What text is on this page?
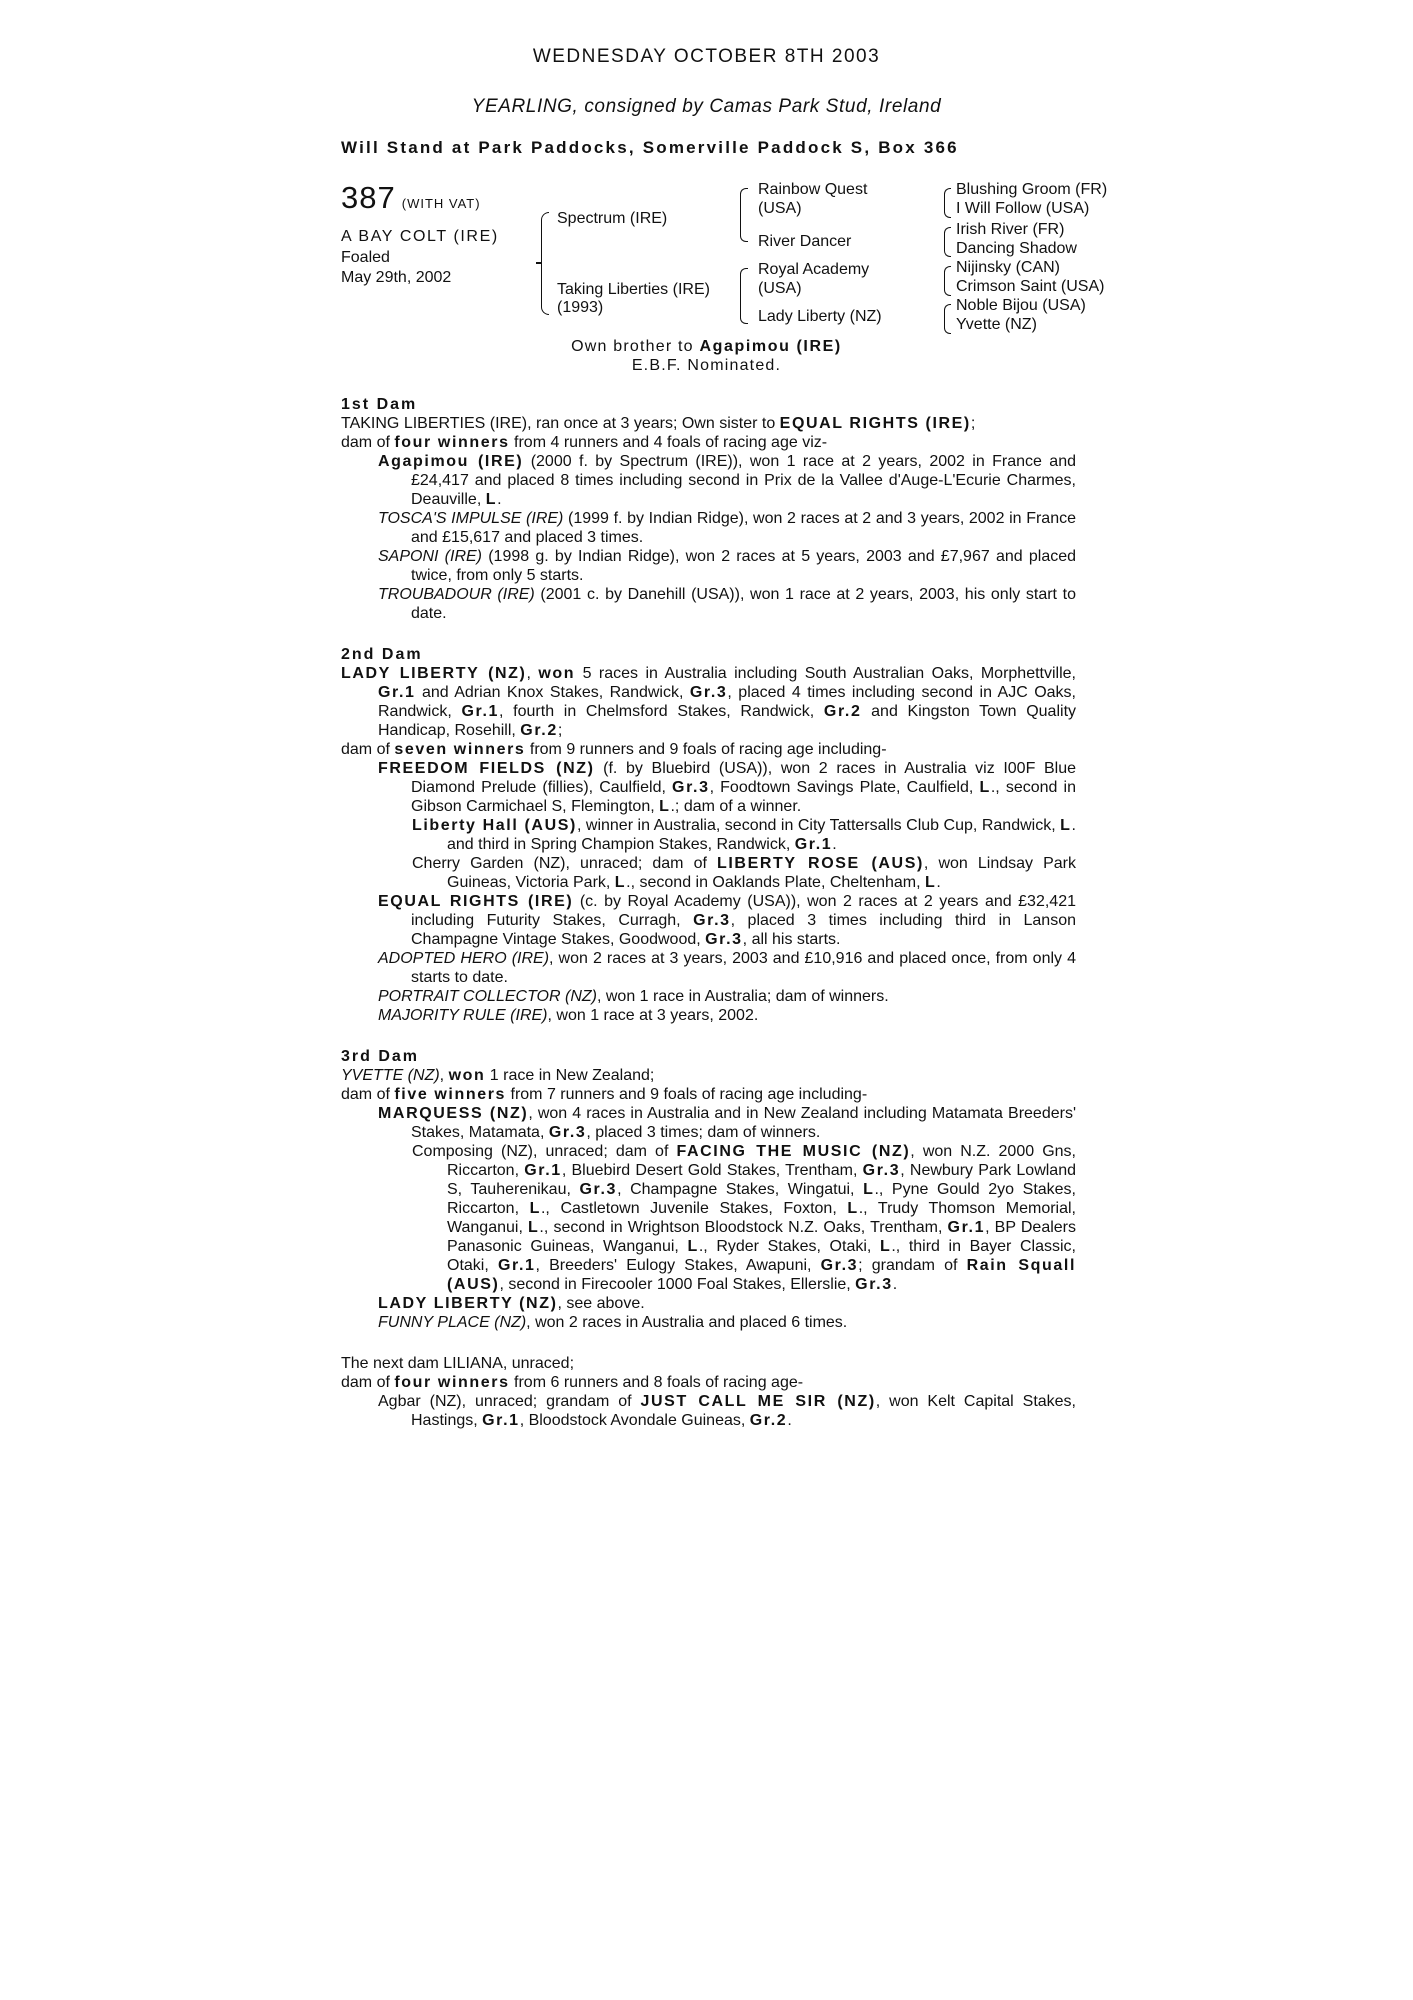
WEDNESDAY OCTOBER 8TH 2003
YEARLING, consigned by Camas Park Stud, Ireland
Will Stand at Park Paddocks, Somerville Paddock S, Box 366
387 (WITH VAT)
A BAY COLT (IRE)
Foaled
May 29th, 2002
Spectrum (IRE)
Taking Liberties (IRE)
(1993)
Rainbow Quest
(USA)
River Dancer
Royal Academy
(USA)
Lady Liberty (NZ)
Blushing Groom (FR)
I Will Follow (USA)
Irish River (FR)
Dancing Shadow
Nijinsky (CAN)
Crimson Saint (USA)
Noble Bijou (USA)
Yvette (NZ)
Own brother to Agapimou (IRE)
E.B.F. Nominated.
1st Dam
TAKING LIBERTIES (IRE), ran once at 3 years; Own sister to EQUAL RIGHTS (IRE);
dam of four winners from 4 runners and 4 foals of racing age viz-
Agapimou (IRE) (2000 f. by Spectrum (IRE)), won 1 race at 2 years, 2002 in France and £24,417 and placed 8 times including second in Prix de la Vallee d'Auge-L'Ecurie Charmes, Deauville, L.
TOSCA'S IMPULSE (IRE) (1999 f. by Indian Ridge), won 2 races at 2 and 3 years, 2002 in France and £15,617 and placed 3 times.
SAPONI (IRE) (1998 g. by Indian Ridge), won 2 races at 5 years, 2003 and £7,967 and placed twice, from only 5 starts.
TROUBADOUR (IRE) (2001 c. by Danehill (USA)), won 1 race at 2 years, 2003, his only start to date.
2nd Dam
LADY LIBERTY (NZ), won 5 races in Australia including South Australian Oaks, Morphettville, Gr.1 and Adrian Knox Stakes, Randwick, Gr.3, placed 4 times including second in AJC Oaks, Randwick, Gr.1, fourth in Chelmsford Stakes, Randwick, Gr.2 and Kingston Town Quality Handicap, Rosehill, Gr.2;
dam of seven winners from 9 runners and 9 foals of racing age including-
FREEDOM FIELDS (NZ) (f. by Bluebird (USA)), won 2 races in Australia viz I00F Blue Diamond Prelude (fillies), Caulfield, Gr.3, Foodtown Savings Plate, Caulfield, L., second in Gibson Carmichael S, Flemington, L.; dam of a winner.
Liberty Hall (AUS), winner in Australia, second in City Tattersalls Club Cup, Randwick, L. and third in Spring Champion Stakes, Randwick, Gr.1.
Cherry Garden (NZ), unraced; dam of LIBERTY ROSE (AUS), won Lindsay Park Guineas, Victoria Park, L., second in Oaklands Plate, Cheltenham, L.
EQUAL RIGHTS (IRE) (c. by Royal Academy (USA)), won 2 races at 2 years and £32,421 including Futurity Stakes, Curragh, Gr.3, placed 3 times including third in Lanson Champagne Vintage Stakes, Goodwood, Gr.3, all his starts.
ADOPTED HERO (IRE), won 2 races at 3 years, 2003 and £10,916 and placed once, from only 4 starts to date.
PORTRAIT COLLECTOR (NZ), won 1 race in Australia; dam of winners.
MAJORITY RULE (IRE), won 1 race at 3 years, 2002.
3rd Dam
YVETTE (NZ), won 1 race in New Zealand;
dam of five winners from 7 runners and 9 foals of racing age including-
MARQUESS (NZ), won 4 races in Australia and in New Zealand including Matamata Breeders' Stakes, Matamata, Gr.3, placed 3 times; dam of winners.
Composing (NZ), unraced; dam of FACING THE MUSIC (NZ), won N.Z. 2000 Gns, Riccarton, Gr.1, Bluebird Desert Gold Stakes, Trentham, Gr.3, Newbury Park Lowland S, Tauherenikau, Gr.3, Champagne Stakes, Wingatui, L., Pyne Gould 2yo Stakes, Riccarton, L., Castletown Juvenile Stakes, Foxton, L., Trudy Thomson Memorial, Wanganui, L., second in Wrightson Bloodstock N.Z. Oaks, Trentham, Gr.1, BP Dealers Panasonic Guineas, Wanganui, L., Ryder Stakes, Otaki, L., third in Bayer Classic, Otaki, Gr.1, Breeders' Eulogy Stakes, Awapuni, Gr.3; grandam of Rain Squall (AUS), second in Firecooler 1000 Foal Stakes, Ellerslie, Gr.3.
LADY LIBERTY (NZ), see above.
FUNNY PLACE (NZ), won 2 races in Australia and placed 6 times.
The next dam LILIANA, unraced;
dam of four winners from 6 runners and 8 foals of racing age-
Agbar (NZ), unraced; grandam of JUST CALL ME SIR (NZ), won Kelt Capital Stakes, Hastings, Gr.1, Bloodstock Avondale Guineas, Gr.2.
